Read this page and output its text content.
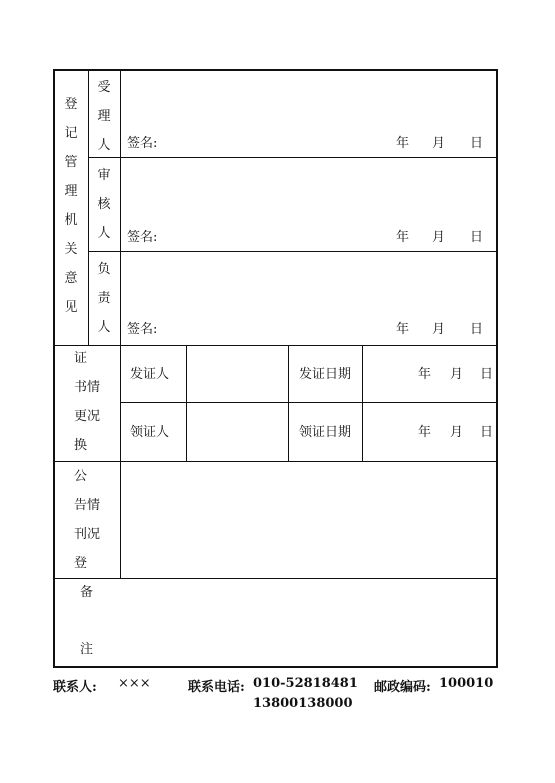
登
记
管
理
机
关
意
见
受
理
人 签名:	年 月 日
审
核
人 签名:	年 月 日
负
责
人 签名:	年 月 日
证
书情
更况
换
发证人	发证日期	年 月 日
领证人	领证日期	年 月 日
公
告情
刊况
登
备
注
联系人: ×××	联系电话: 010-52818481 邮政编码: 100010
13800138000
